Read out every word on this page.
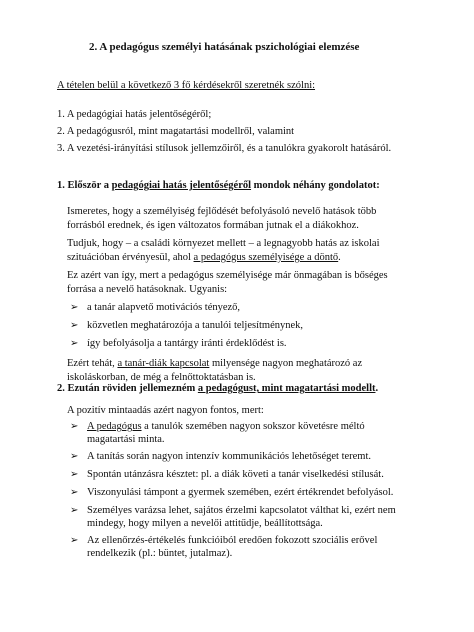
2. A pedagógus személyi hatásának pszichológiai elemzése
A tételen belül a következő 3 fő kérdésekről szeretnék szólni:
1. A pedagógiai hatás jelentőségéről;
2. A pedagógusról, mint magatartási modellről, valamint
3. A vezetési-irányítási stílusok jellemzőiről, és a tanulókra gyakorolt hatásáról.
1. Először a pedagógiai hatás jelentőségéről mondok néhány gondolatot:
Ismeretes, hogy a személyiség fejlődését befolyásoló nevelő hatások több
forrásból erednek, és igen változatos formában jutnak el a diákokhoz.
Tudjuk, hogy – a családi környezet mellett – a legnagyobb hatás az iskolai
szituációban érvényesül, ahol a pedagógus személyisége a döntő.
Ez azért van így, mert a pedagógus személyisége már önmagában is bőséges
forrása a nevelő hatásoknak. Ugyanis:
➢ a tanár alapvető motivációs tényező,
➢ közvetlen meghatározója a tanulói teljesítménynek,
➢ így befolyásolja a tantárgy iránti érdeklődést is.
Ezért tehát, a tanár-diák kapcsolat milyensége nagyon meghatározó az
iskoláskorban, de még a felnőttoktatásban is.
2. Ezután röviden jellemezném a pedagógust, mint magatartási modellt.
A pozitív mintaadás azért nagyon fontos, mert:
➢ A pedagógus a tanulók szemében nagyon sokszor követésre méltó
magatartási minta.
➢ A tanítás során nagyon intenzív kommunikációs lehetőséget teremt.
➢ Spontán utánzásra késztet: pl. a diák követi a tanár viselkedési stílusát.
➢ Viszonyulási támpont a gyermek szemében, ezért értékrendet befolyásol.
➢ Személyes varázsa lehet, sajátos érzelmi kapcsolatot válthat ki, ezért nem
mindegy, hogy milyen a nevelői attitűdje, beállítottsága.
➢ Az ellenőrzés-értékelés funkcióiból eredően fokozott szociális erővel
rendelkezik (pl.: büntet, jutalmaz).
